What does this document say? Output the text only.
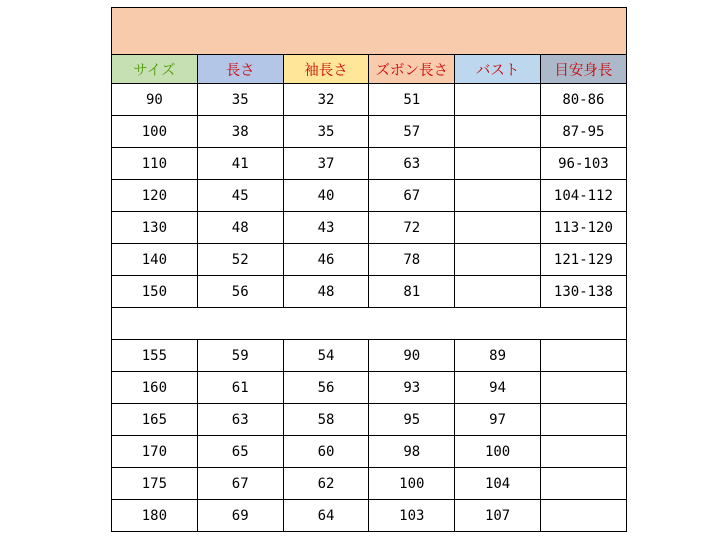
サイズ	長さ	袖長さ	ズボン長さ	バスト	目安身長
90	35	32	51		80-86
100	38	35	57		87-95
110	41	37	63		96-103
120	45	40	67		104-112
130	48	43	72		113-120
140	52	46	78		121-129
150	56	48	81		130-138

155	59	54	90	89	
160	61	56	93	94	
165	63	58	95	97	
170	65	60	98	100	
175	67	62	100	104	
180	69	64	103	107	
